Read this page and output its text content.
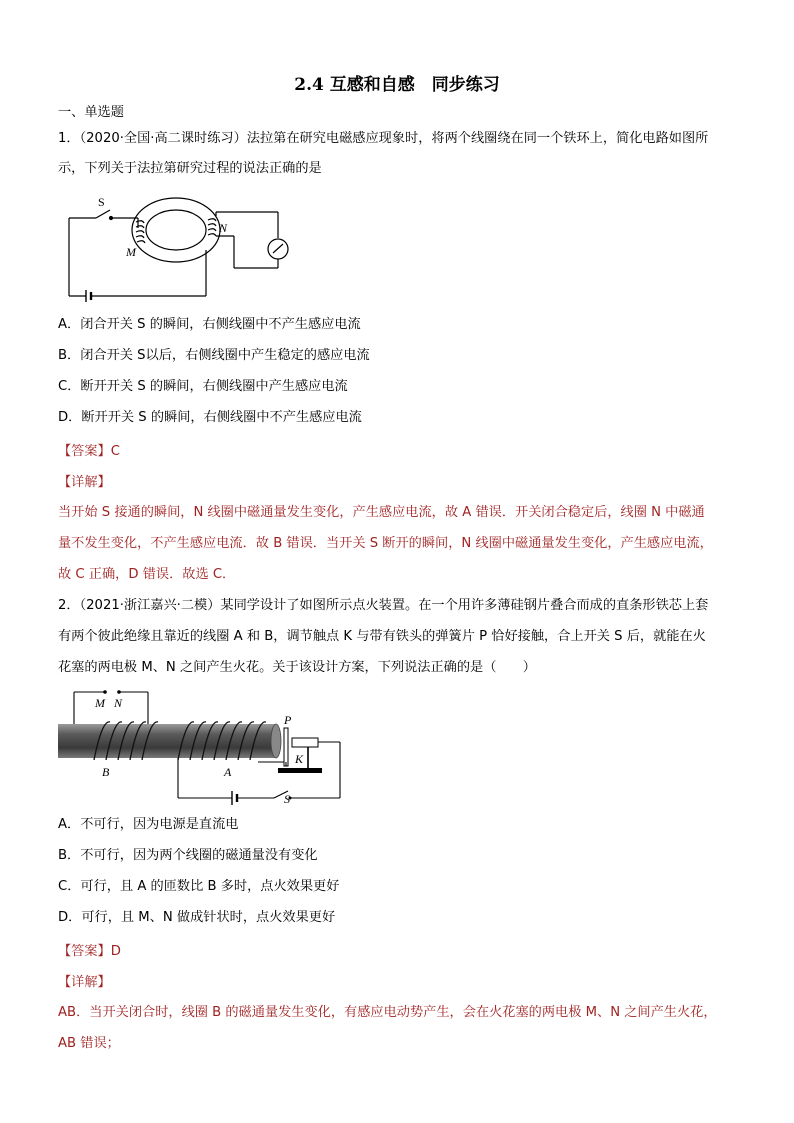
2.4 互感和自感　同步练习
一、单选题
1．（2020·全国·高二课时练习）法拉第在研究电磁感应现象时，将两个线圈绕在同一个铁环上，简化电路如图所
示，下列关于法拉第研究过程的说法正确的是
S
M
N
A．闭合开关 S 的瞬间，右侧线圈中不产生感应电流
B．闭合开关 S以后，右侧线圈中产生稳定的感应电流
C．断开开关 S 的瞬间，右侧线圈中产生感应电流
D．断开开关 S 的瞬间，右侧线圈中不产生感应电流
【答案】C
【详解】
当开始 S 接通的瞬间，N 线圈中磁通量发生变化，产生感应电流，故 A 错误．开关闭合稳定后，线圈 N 中磁通
量不发生变化，不产生感应电流．故 B 错误．当开关 S 断开的瞬间，N 线圈中磁通量发生变化，产生感应电流，
故 C 正确，D 错误．故选 C．
2．（2021·浙江嘉兴·二模）某同学设计了如图所示点火装置。在一个用许多薄硅钢片叠合而成的直条形铁芯上套
有两个彼此绝缘且靠近的线圈 A 和 B，调节触点 K 与带有铁头的弹簧片 P 恰好接触，合上开关 S 后，就能在火
花塞的两电极 M、N 之间产生火花。关于该设计方案，下列说法正确的是（　　）
M N
B	A
P
K
S
A．不可行，因为电源是直流电
B．不可行，因为两个线圈的磁通量没有变化
C．可行，且 A 的匝数比 B 多时，点火效果更好
D．可行，且 M、N 做成针状时，点火效果更好
【答案】D
【详解】
AB．当开关闭合时，线圈 B 的磁通量发生变化，有感应电动势产生，会在火花塞的两电极 M、N 之间产生火花，
AB 错误；
